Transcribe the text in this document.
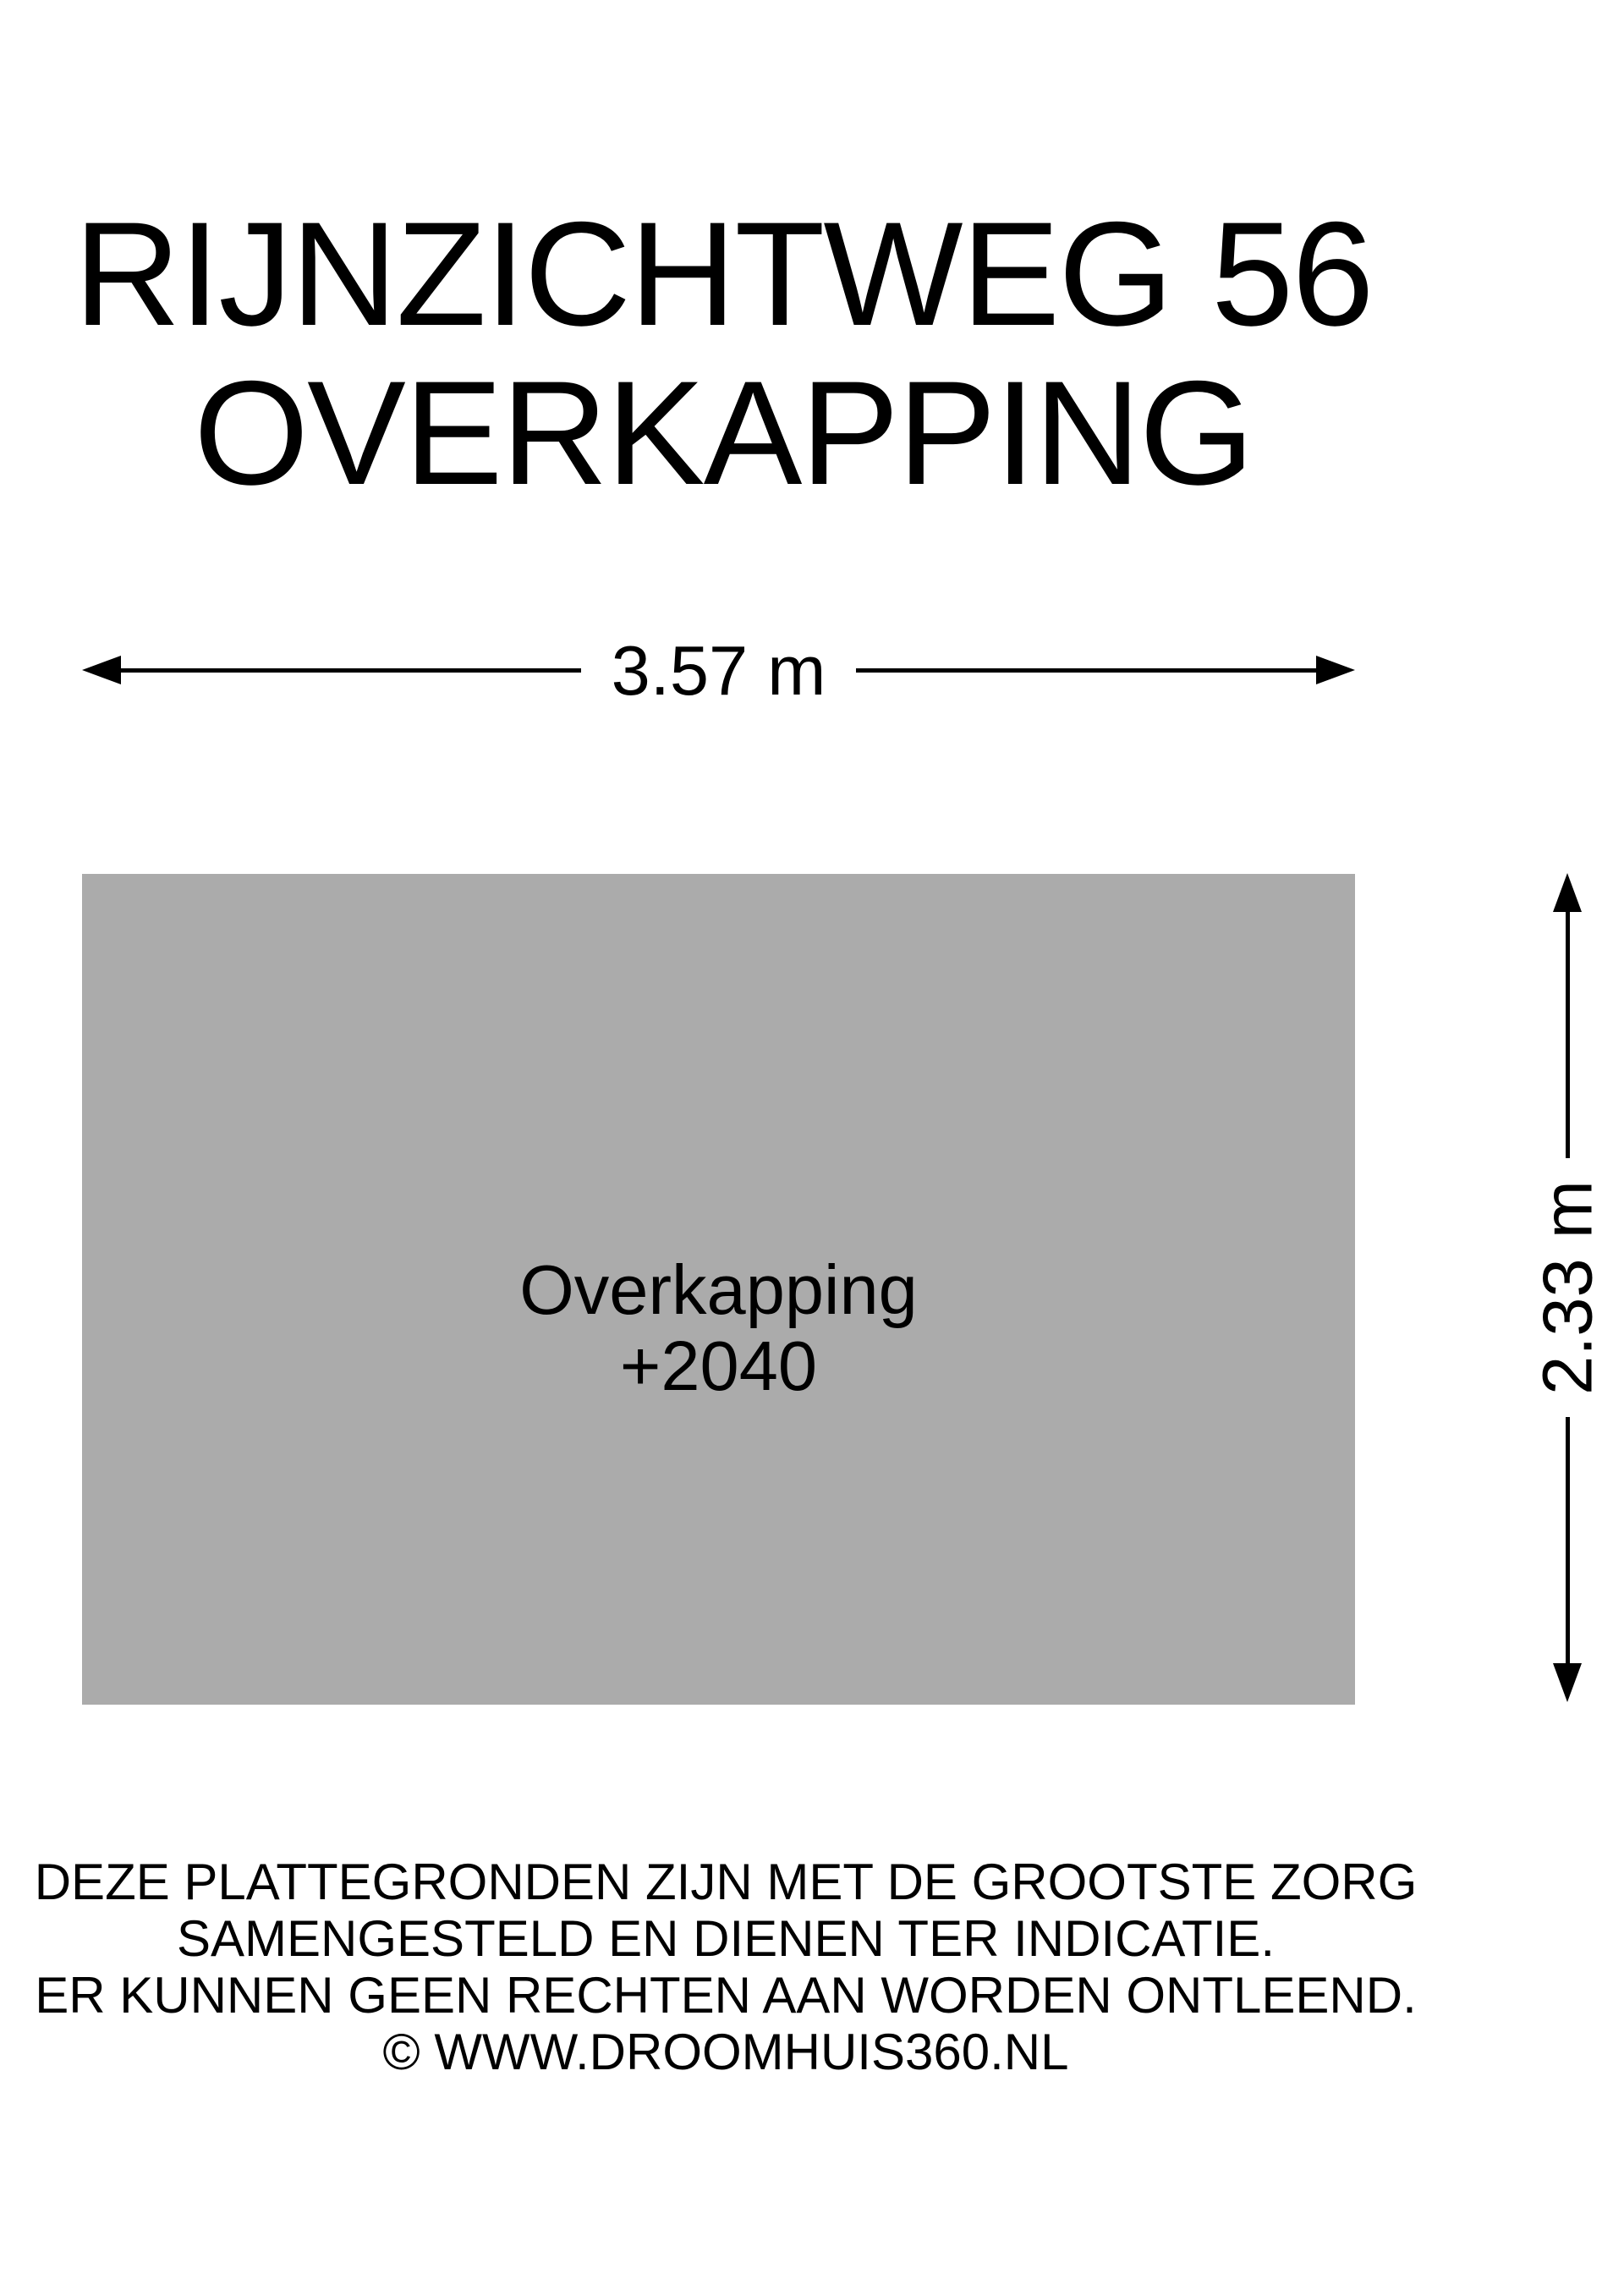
RIJNZICHTWEG 56
OVERKAPPING
3.57 m
Overkapping
+2040	2.33 m
DEZE PLATTEGRONDEN ZIJN MET DE GROOTSTE ZORG
SAMENGESTELD EN DIENEN TER INDICATIE.
ER KUNNEN GEEN RECHTEN AAN WORDEN ONTLEEND.
© WWW.DROOMHUIS360.NL
